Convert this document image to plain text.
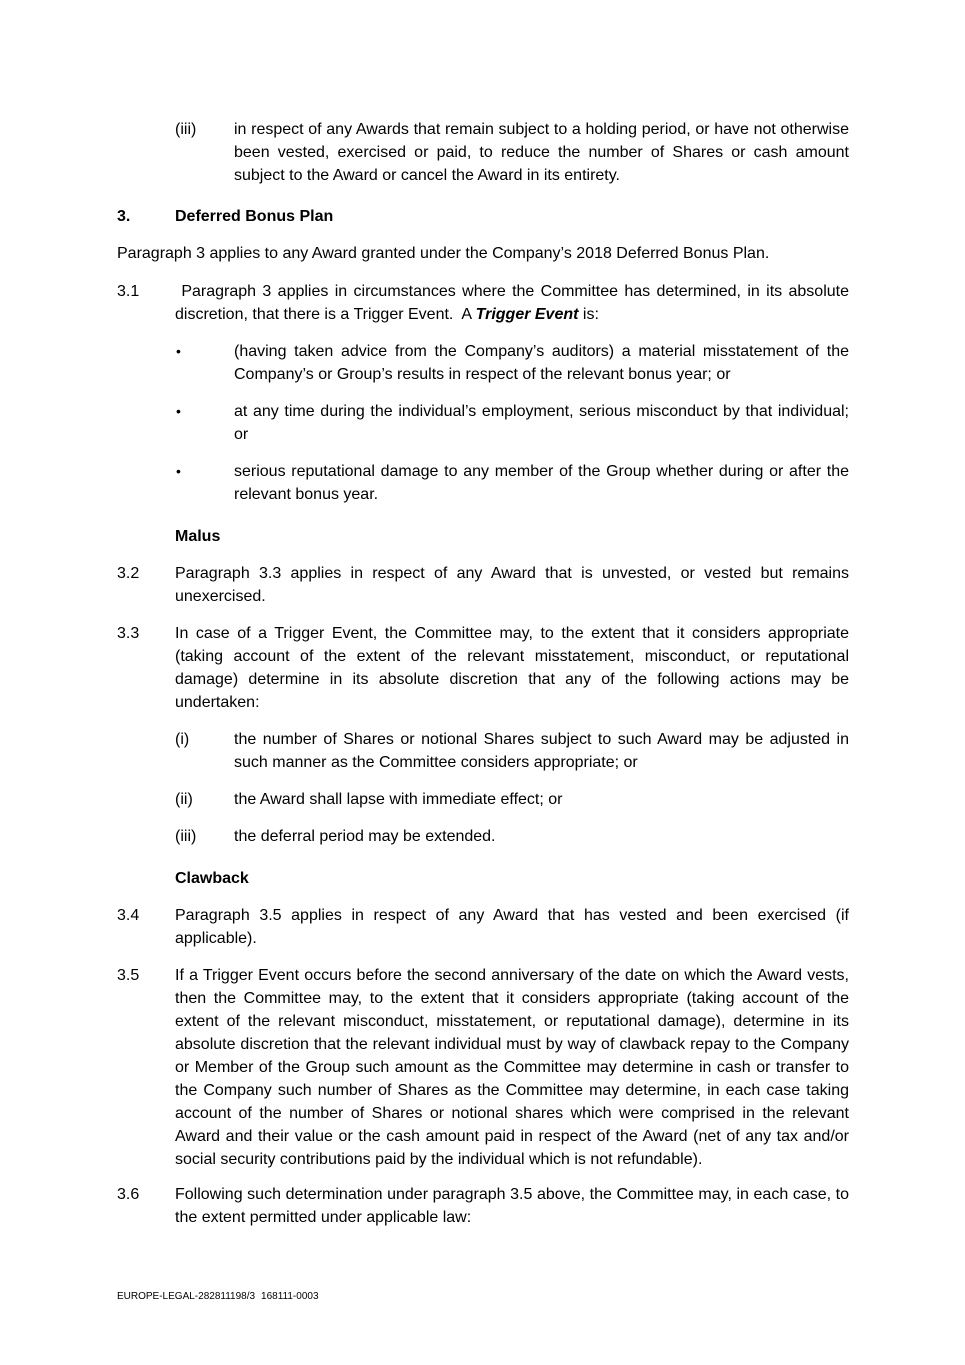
(iii) in respect of any Awards that remain subject to a holding period, or have not otherwise been vested, exercised or paid, to reduce the number of Shares or cash amount subject to the Award or cancel the Award in its entirety.
3.	Deferred Bonus Plan
Paragraph 3 applies to any Award granted under the Company’s 2018 Deferred Bonus Plan.
3.1 Paragraph 3 applies in circumstances where the Committee has determined, in its absolute discretion, that there is a Trigger Event.  A Trigger Event is:
•	(having taken advice from the Company’s auditors) a material misstatement of the Company’s or Group’s results in respect of the relevant bonus year; or
•	at any time during the individual’s employment, serious misconduct by that individual; or
•	serious reputational damage to any member of the Group whether during or after the relevant bonus year.
Malus
3.2 Paragraph 3.3 applies in respect of any Award that is unvested, or vested but remains unexercised.
3.3 In case of a Trigger Event, the Committee may, to the extent that it considers appropriate (taking account of the extent of the relevant misstatement, misconduct, or reputational damage) determine in its absolute discretion that any of the following actions may be undertaken:
(i)	the number of Shares or notional Shares subject to such Award may be adjusted in such manner as the Committee considers appropriate; or
(ii)	the Award shall lapse with immediate effect; or
(iii) the deferral period may be extended.
Clawback
3.4 Paragraph 3.5 applies in respect of any Award that has vested and been exercised (if applicable).
3.5 If a Trigger Event occurs before the second anniversary of the date on which the Award vests, then the Committee may, to the extent that it considers appropriate (taking account of the extent of the relevant misconduct, misstatement, or reputational damage), determine in its absolute discretion that the relevant individual must by way of clawback repay to the Company or Member of the Group such amount as the Committee may determine in cash or transfer to the Company such number of Shares as the Committee may determine, in each case taking account of the number of Shares or notional shares which were comprised in the relevant Award and their value or the cash amount paid in respect of the Award (net of any tax and/or social security contributions paid by the individual which is not refundable).
3.6 Following such determination under paragraph 3.5 above, the Committee may, in each case, to the extent permitted under applicable law:
EUROPE-LEGAL-282811198/3 168111-0003
